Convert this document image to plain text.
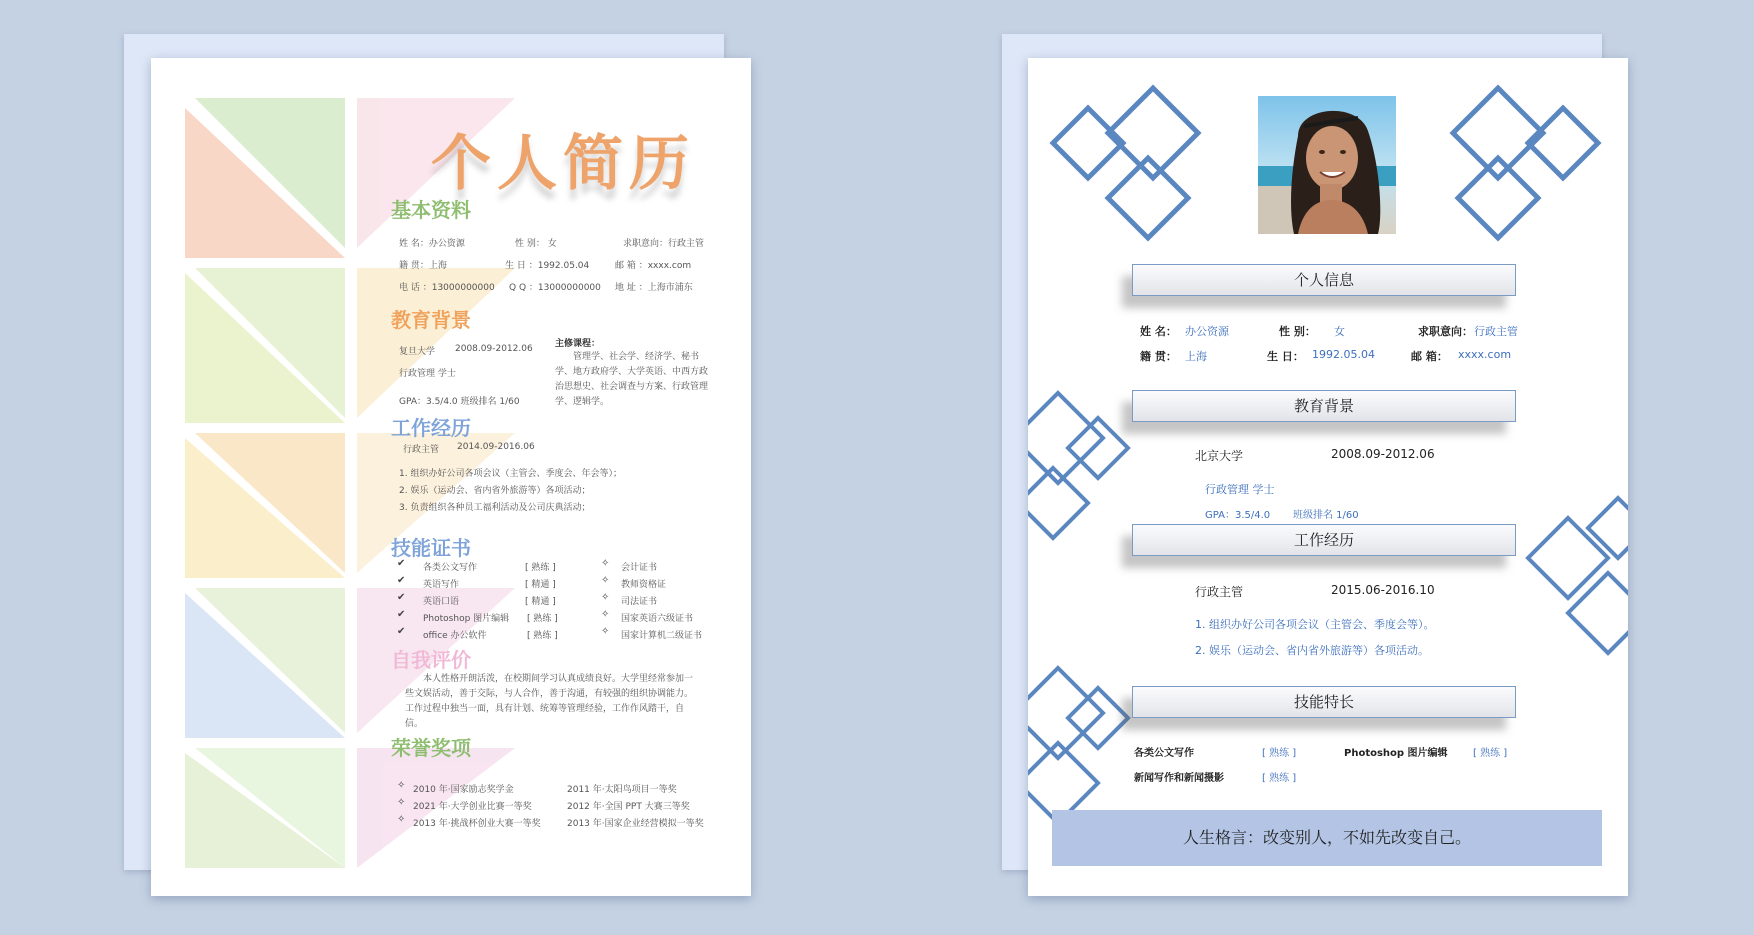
个人简历
基本资料
姓 名：办公资源	性 别： 女	求职意向：行政主管
籍 贯：上海	生 日 ：1992.05.04	邮 箱 ：xxxx.com
电 话 ：13000000000 Q Q ：13000000000 地 址 ：上海市浦东
教育背景
复旦大学 2008.09-2012.06
行政管理 学士
GPA：3.5/4.0 班级排名 1/60
主修课程：
管理学、社会学、经济学、秘书学、地方政府学、大学英语、中西方政治思想史、社会调查与方案、行政管理学、逻辑学。
工作经历
行政主管 2014.09-2016.06
1. 组织办好公司各项会议（主管会、季度会、年会等）；
2. 娱乐（运动会、省内省外旅游等）各项活动；
3. 负责组织各种员工福利活动及公司庆典活动；
技能证书
✔ 各类公文写作	[ 熟练 ]
✔ 英语写作	[ 精通 ]
✔ 英语口语	[ 精通 ]
✔ Photoshop 图片编辑 [ 熟练 ]
✔ office 办公软件	[ 熟练 ]
✧ 会计证书
✧ 教师资格证
✧ 司法证书
✧ 国家英语六级证书
✧ 国家计算机二级证书
自我评价
本人性格开朗活泼，在校期间学习认真成绩良好。大学里经常参加一些文娱活动，善于交际，与人合作，善于沟通，有较强的组织协调能力。工作过程中独当一面，具有计划、统筹等管理经验，工作作风踏干，自信。
荣誉奖项
✧ 2010 年·国家励志奖学金	2011 年·太阳鸟项目一等奖
✧ 2021 年·大学创业比赛一等奖	2012 年·全国 PPT 大赛三等奖
✧ 2013 年·挑战杯创业大赛一等奖	2013 年·国家企业经营模拟一等奖
个人信息
姓 名： 办公资源	性 别： 女	求职意向： 行政主管
籍 贯： 上海	生 日： 1992.05.04	邮 箱： xxxx.com
教育背景
北京大学	2008.09-2012.06
行政管理 学士
GPA：3.5/4.0 班级排名 1/60
工作经历
行政主管	2015.06-2016.10
1. 组织办好公司各项会议（主管会、季度会等）。
2. 娱乐（运动会、省内省外旅游等）各项活动。
技能特长
各类公文写作	[ 熟练 ]	Photoshop 图片编辑	[ 熟练 ]
新闻写作和新闻摄影	[ 熟练 ]
人生格言：改变别人，不如先改变自己。
